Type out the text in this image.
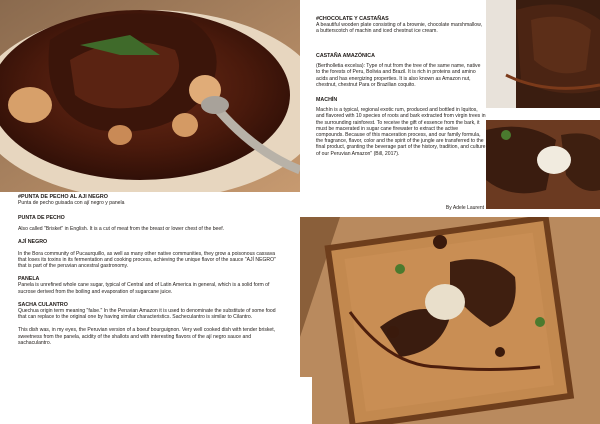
#PUNTA DE PECHO AL AJI NEGRO
Punta de pecho guisada con ají negro y panela
PUNTA DE PECHO

Also called "Brisket" in English. It is a cut of meat from the breast or lower chest of the beef.

AJÍ NEGRO

In the Bora community of Pucaurquillo, as well as many other native communities, they grow a poisonous cassava that loses its toxins in its fermentation and cooking process, achieving the unique flavor of the sauce "AJÍ NEGRO" that is part of the peruvian ancestral gastronomy.

PANELA

Panela is unrefined whole cane sugar, typical of Central and of Latin America in general, which is a solid form of sucrose derived from the boiling and evaporation of sugarcane juice.

SACHA CULANTRO

Quechua origin term meaning "false." In the Peruvian Amazon it is used to denominate the substitute of some food that can replace to the original one by having similar characteristics. Sacheculantro is similar to Cilantro.

This dish was, in my eyes, the Peruvian version of a boeuf bourguignon. Very well cooked dish with tender brisket, sweetness from the panela, acidity of the shallots and with interesting flavors of the ají negro sauce and sachaculantro.

#CHOCOLATE Y CASTAÑAS

A beautiful wooden plate consisting of a brownie, chocolate marshmallow, a butterscotch of machin and iced chestnut ice cream.

CASTAÑA AMAZÓNICA

(Bertholletia excelsa): Type of nut from the tree of the same name, native to the forests of Peru, Bolivia and Brazil. It is rich in proteins and amino acids and has energizing properties. It is also known as Amazon nut, chestnut, chestnut Para or Brazilian coquito.

MACHÍN

Machín is a typical, regional exotic rum, produced and bottled in Iquitos, and flavored with 10 species of roots and bark extracted from virgin trees in the surrounding rainforest. To receive the gift of essence from the bark, it must be macerated in sugar cane firewater to extract the active compounds. Because of this maceration process, and our family formula, the fragrance, flavor, color and the spirit of the jungle are transferred to the final product, granting the beverage part of the history, tradition, and culture of our Peruvian Amazon" (Bill, 2017).

By Adele Laurent
